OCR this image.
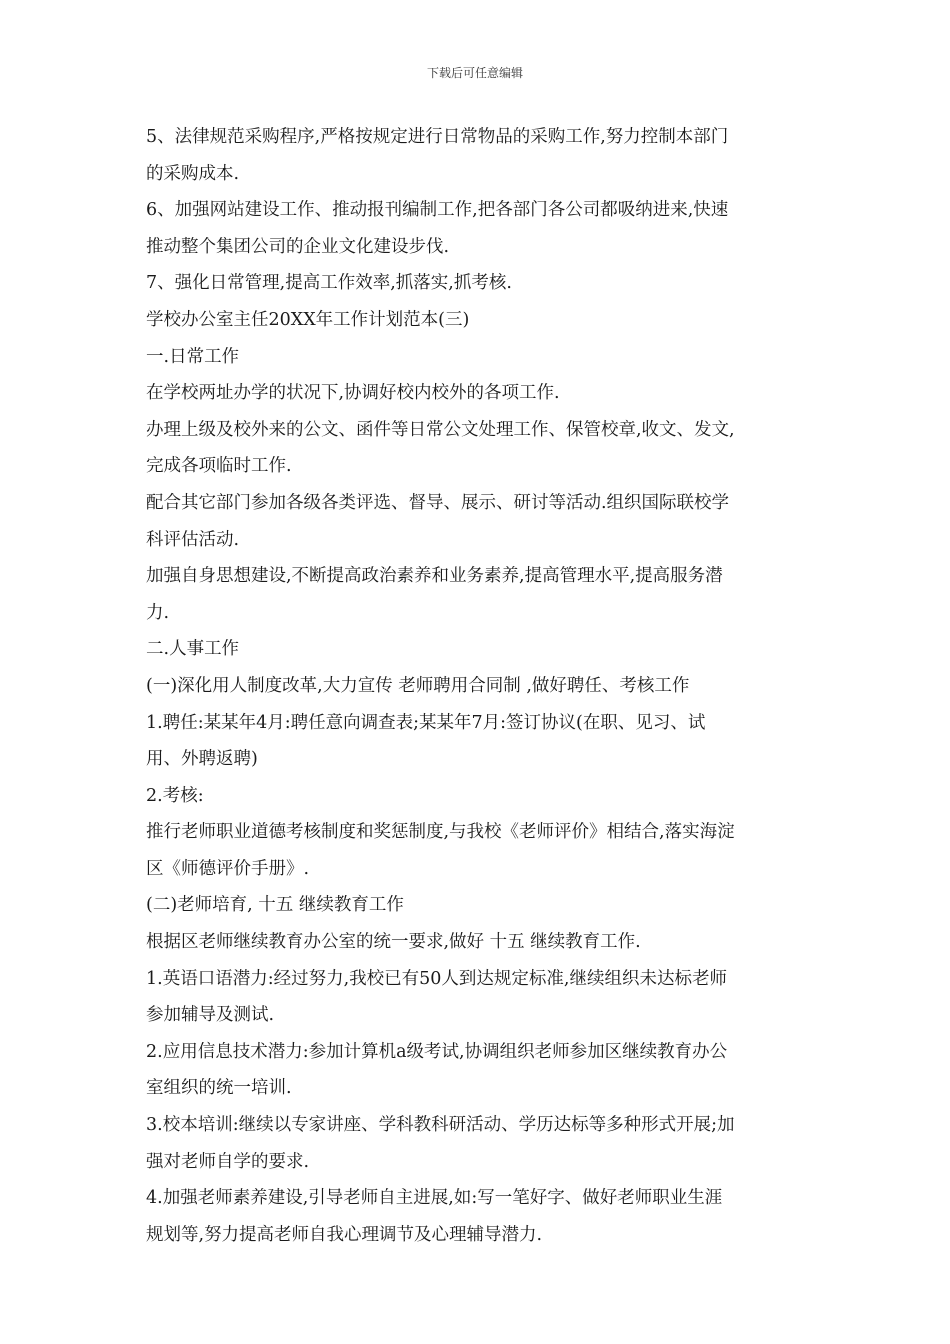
下载后可任意编辑
5、法律规范采购程序,严格按规定进行日常物品的采购工作,努力控制本部门
的采购成本.
6、加强网站建设工作、推动报刊编制工作,把各部门各公司都吸纳进来,快速
推动整个集团公司的企业文化建设步伐.
7、强化日常管理,提高工作效率,抓落实,抓考核.
学校办公室主任20XX年工作计划范本(三)
一.日常工作
在学校两址办学的状况下,协调好校内校外的各项工作.
办理上级及校外来的公文、函件等日常公文处理工作、保管校章,收文、发文,
完成各项临时工作.
配合其它部门参加各级各类评选、督导、展示、研讨等活动.组织国际联校学
科评估活动.
加强自身思想建设,不断提高政治素养和业务素养,提高管理水平,提高服务潜
力.
二.人事工作
(一)深化用人制度改革,大力宣传 老师聘用合同制 ,做好聘任、考核工作
1.聘任:某某年4月:聘任意向调查表;某某年7月:签订协议(在职、见习、试
用、外聘返聘)
2.考核:
推行老师职业道德考核制度和奖惩制度,与我校《老师评价》相结合,落实海淀
区《师德评价手册》.
(二)老师培育, 十五 继续教育工作
根据区老师继续教育办公室的统一要求,做好 十五 继续教育工作.
1.英语口语潜力:经过努力,我校已有50人到达规定标准,继续组织未达标老师
参加辅导及测试.
2.应用信息技术潜力:参加计算机a级考试,协调组织老师参加区继续教育办公
室组织的统一培训.
3.校本培训:继续以专家讲座、学科教科研活动、学历达标等多种形式开展;加
强对老师自学的要求.
4.加强老师素养建设,引导老师自主进展,如:写一笔好字、做好老师职业生涯
规划等,努力提高老师自我心理调节及心理辅导潜力.
